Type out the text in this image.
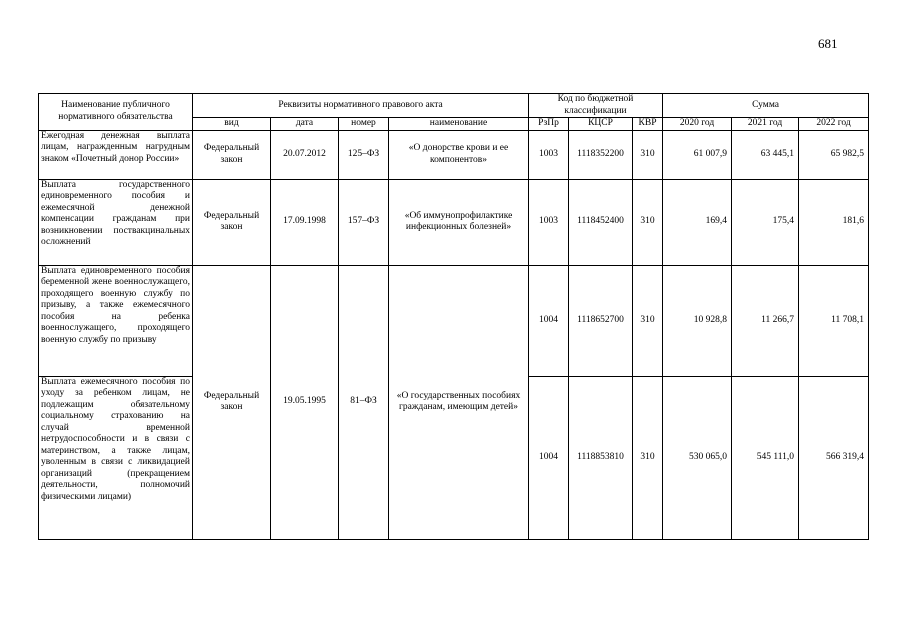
681
Наименование публичного нормативного обязательства	Реквизиты нормативного правового акта				Код по бюджетной классификации			Сумма		
	вид	дата	номер	наименование	РзПр	КЦСР	КВР	2020 год	2021 год	2022 год
Ежегодная денежная выплата лицам, награжденным нагрудным знаком «Почетный донор России»	Федеральный закон	20.07.2012	125–ФЗ	«О донорстве крови и ее компонентов»	1003	1118352200	310	61 007,9	63 445,1	65 982,5
Выплата государственного единовременного пособия и ежемесячной денежной компенсации гражданам при возникновении поствакцинальных осложнений	Федеральный закон	17.09.1998	157–ФЗ	«Об иммунопрофилактике инфекционных болезней»	1003	1118452400	310	169,4	175,4	181,6
Выплата единовременного пособия беременной жене военнослужащего, проходящего военную службу по призыву, а также ежемесячного пособия на ребенка военнослужащего, проходящего военную службу по призыву	Федеральный закон	19.05.1995	81–ФЗ	«О государственных пособиях гражданам, имеющим детей»	1004	1118652700	310	10 928,8	11 266,7	11 708,1
Выплата ежемесячного пособия по уходу за ребенком лицам, не подлежащим обязательному социальному страхованию на случай временной нетрудоспособности и в связи с материнством, а также лицам, уволенным в связи с ликвидацией организаций (прекращением деятельности, полномочий физическими лицами)					1004	1118853810	310	530 065,0	545 111,0	566 319,4
